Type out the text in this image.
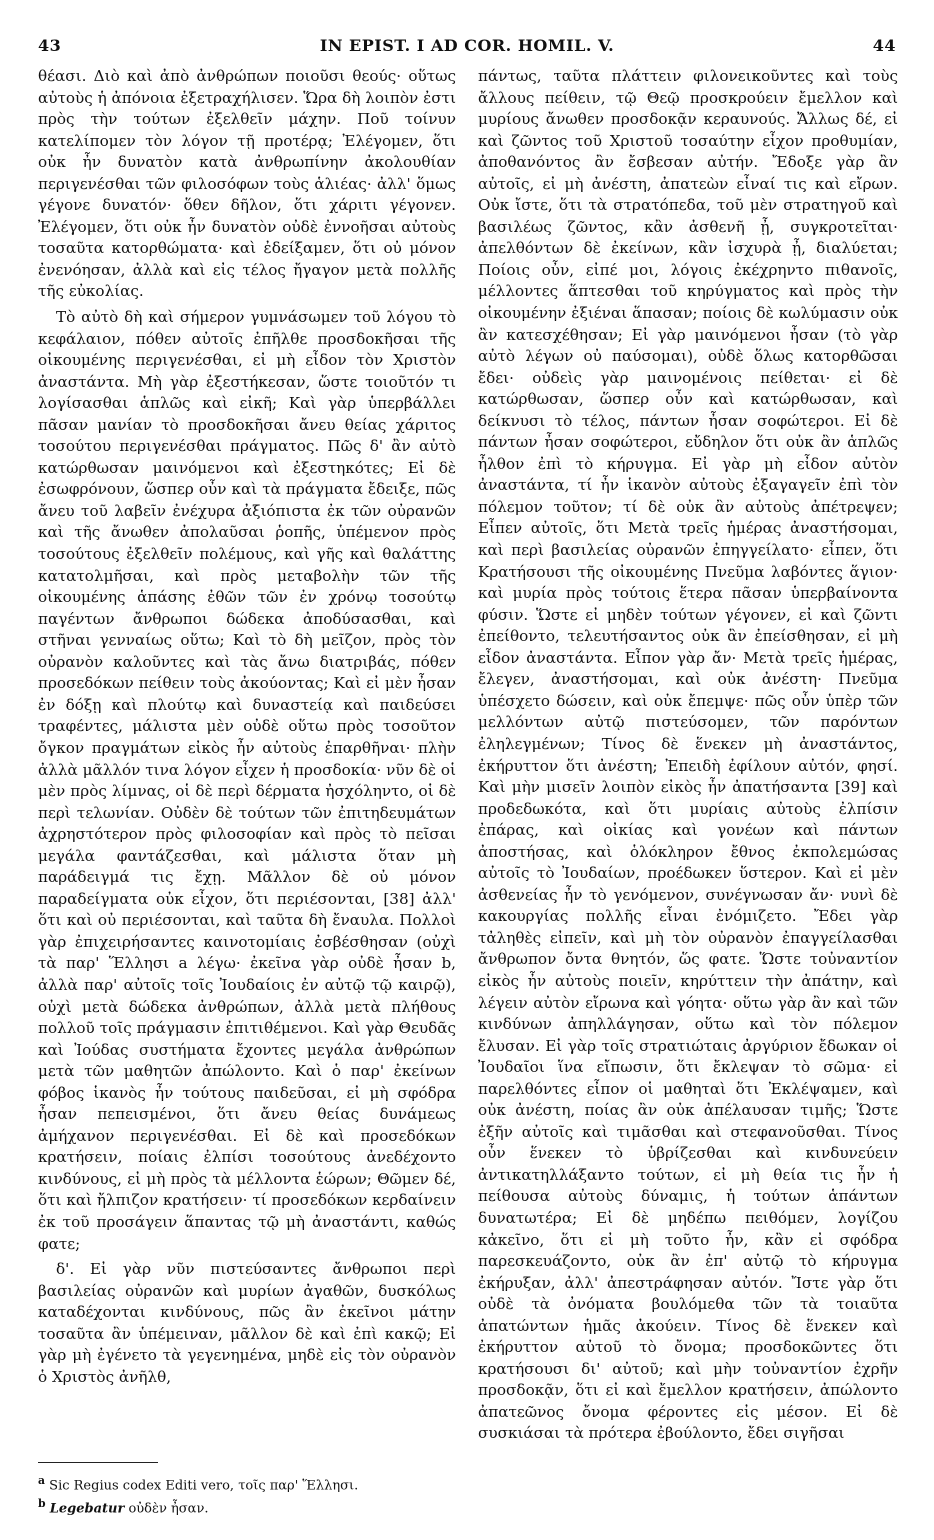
43	IN EPIST. I AD COR. HOMIL. V.	44

θέασι. Διὸ καὶ ἀπὸ ἀνθρώπων ποιοῦσι θεούς· οὕτως αὐτοὺς ἡ ἀπόνοια ἐξετραχήλισεν. Ὥρα δὴ λοιπὸν ἐστι πρὸς τὴν τούτων ἐξελθεῖν μάχην. Ποῦ τοίνυν κατελίπομεν τὸν λόγον τῇ προτέρᾳ; Ἐλέγομεν, ὅτι οὐκ ἦν δυνατὸν κατὰ ἀνθρωπίνην ἀκολουθίαν περιγενέσθαι τῶν φιλοσόφων τοὺς ἁλιέας· ἀλλ' ὅμως γέγονε δυνατόν· ὅθεν δῆλον, ὅτι χάριτι γέγονεν. Ἐλέγομεν, ὅτι οὐκ ἦν δυνατὸν οὐδὲ ἐννοῆσαι αὐτοὺς τοσαῦτα κατορθώματα· καὶ ἐδείξαμεν, ὅτι οὐ μόνον ἐνενόησαν, ἀλλὰ καὶ εἰς τέλος ἤγαγον μετὰ πολλῆς τῆς εὐκολίας.

Τὸ αὐτὸ δὴ καὶ σήμερον γυμνάσωμεν τοῦ λόγου τὸ κεφάλαιον, πόθεν αὐτοῖς ἐπῆλθε προσδοκῆσαι τῆς οἰκουμένης περιγενέσθαι, εἰ μὴ εἶδον τὸν Χριστὸν ἀναστάντα. Μὴ γὰρ ἐξεστήκεσαν, ὥστε τοιοῦτόν τι λογίσασθαι ἁπλῶς καὶ εἰκῆ; Καὶ γὰρ ὑπερβάλλει πᾶσαν μανίαν τὸ προσδοκῆσαι ἄνευ θείας χάριτος τοσούτου περιγενέσθαι πράγματος. Πῶς δ' ἂν αὐτὸ κατώρθωσαν μαινόμενοι καὶ ἐξεστηκότες; Εἰ δὲ ἐσωφρόνουν, ὥσπερ οὖν καὶ τὰ πράγματα ἔδειξε, πῶς ἄνευ τοῦ λαβεῖν ἐνέχυρα ἀξιόπιστα ἐκ τῶν οὐρανῶν καὶ τῆς ἄνωθεν ἀπολαῦσαι ῥοπῆς, ὑπέμενον πρὸς τοσούτους ἐξελθεῖν πολέμους, καὶ γῆς καὶ θαλάττης κατατολμῆσαι, καὶ πρὸς μεταβολὴν τῶν τῆς οἰκουμένης ἁπάσης ἐθῶν τῶν ἐν χρόνῳ τοσούτῳ παγέντων ἄνθρωποι δώδεκα ἀποδύσασθαι, καὶ στῆναι γενναίως οὕτω; Καὶ τὸ δὴ μεῖζον, πρὸς τὸν οὐρανὸν καλοῦντες καὶ τὰς ἄνω διατριβάς, πόθεν προσεδόκων πείθειν τοὺς ἀκούοντας; Καὶ εἰ μὲν ἦσαν ἐν δόξῃ καὶ πλούτῳ καὶ δυναστείᾳ καὶ παιδεύσει τραφέντες, μάλιστα μὲν οὐδὲ οὕτω πρὸς τοσοῦτον ὄγκον πραγμάτων εἰκὸς ἦν αὐτοὺς ἐπαρθῆναι· πλὴν ἀλλὰ μᾶλλόν τινα λόγον εἶχεν ἡ προσδοκία· νῦν δὲ οἱ μὲν πρὸς λίμνας, οἱ δὲ περὶ δέρματα ἠσχόληντο, οἱ δὲ περὶ τελωνίαν. Οὐδὲν δὲ τούτων τῶν ἐπιτηδευμάτων ἀχρηστότερον πρὸς φιλοσοφίαν καὶ πρὸς τὸ πεῖσαι μεγάλα φαντάζεσθαι, καὶ μάλιστα ὅταν μὴ παράδειγμά τις ἔχῃ. Μᾶλλον δὲ οὐ μόνον παραδείγματα οὐκ εἶχον, ὅτι περιέσονται, [38] ἀλλ' ὅτι καὶ οὐ περιέσονται, καὶ ταῦτα δὴ ἔναυλα. Πολλοὶ γὰρ ἐπιχειρήσαντες καινοτομίαις ἐσβέσθησαν (οὐχὶ τὰ παρ' Ἕλλησι a λέγω· ἐκεῖνα γὰρ οὐδὲ ἦσαν b, ἀλλὰ παρ' αὐτοῖς τοῖς Ἰουδαίοις ἐν αὐτῷ τῷ καιρῷ), οὐχὶ μετὰ δώδεκα ἀνθρώπων, ἀλλὰ μετὰ πλήθους πολλοῦ τοῖς πράγμασιν ἐπιτιθέμενοι. Καὶ γὰρ Θευδᾶς καὶ Ἰούδας συστήματα ἔχοντες μεγάλα ἀνθρώπων μετὰ τῶν μαθητῶν ἀπώλοντο. Καὶ ὁ παρ' ἐκείνων φόβος ἱκανὸς ἦν τούτους παιδεῦσαι, εἰ μὴ σφόδρα ἦσαν πεπεισμένοι, ὅτι ἄνευ θείας δυνάμεως ἀμήχανον περιγενέσθαι. Εἰ δὲ καὶ προσεδόκων κρατήσειν, ποίαις ἐλπίσι τοσούτους ἀνεδέχοντο κινδύνους, εἰ μὴ πρὸς τὰ μέλλοντα ἑώρων; Θῶμεν δέ, ὅτι καὶ ἤλπιζον κρατήσειν· τί προσεδόκων κερδαίνειν ἐκ τοῦ προσάγειν ἅπαντας τῷ μὴ ἀναστάντι, καθώς φατε;

δ'. Εἰ γὰρ νῦν πιστεύσαντες ἄνθρωποι περὶ βασιλείας οὐρανῶν καὶ μυρίων ἀγαθῶν, δυσκόλως καταδέχονται κινδύνους, πῶς ἂν ἐκεῖνοι μάτην τοσαῦτα ἂν ὑπέμειναν, μᾶλλον δὲ καὶ ἐπὶ κακῷ; Εἰ γὰρ μὴ ἐγένετο τὰ γεγενημένα, μηδὲ εἰς τὸν οὐρανὸν ὁ Χριστὸς ἀνῆλθ,

πάντως, ταῦτα πλάττειν φιλονεικοῦντες καὶ τοὺς ἄλλους πείθειν, τῷ Θεῷ προσκρούειν ἔμελλον καὶ μυρίους ἄνωθεν προσδοκᾷν κεραυνούς. Ἄλλως δέ, εἰ καὶ ζῶντος τοῦ Χριστοῦ τοσαύτην εἶχον προθυμίαν, ἀποθανόντος ἂν ἔσβεσαν αὐτήν. Ἔδοξε γὰρ ἂν αὐτοῖς, εἰ μὴ ἀνέστη, ἀπατεὼν εἶναί τις καὶ εἴρων. Οὐκ ἴστε, ὅτι τὰ στρατόπεδα, τοῦ μὲν στρατηγοῦ καὶ βασιλέως ζῶντος, κἂν ἀσθενῆ ᾖ, συγκροτεῖται· ἀπελθόντων δὲ ἐκείνων, κἂν ἰσχυρὰ ᾖ, διαλύεται; Ποίοις οὖν, εἰπέ μοι, λόγοις ἐκέχρηντο πιθανοῖς, μέλλοντες ἅπτεσθαι τοῦ κηρύγματος καὶ πρὸς τὴν οἰκουμένην ἐξιέναι ἅπασαν; ποίοις δὲ κωλύμασιν οὐκ ἂν κατεσχέθησαν; Εἰ γὰρ μαινόμενοι ἦσαν (τὸ γὰρ αὐτὸ λέγων οὐ παύσομαι), οὐδὲ ὅλως κατορθῶσαι ἔδει· οὐδεὶς γὰρ μαινομένοις πείθεται· εἰ δὲ κατώρθωσαν, ὥσπερ οὖν καὶ κατώρθωσαν, καὶ δείκνυσι τὸ τέλος, πάντων ἦσαν σοφώτεροι. Εἰ δὲ πάντων ἦσαν σοφώτεροι, εὔδηλον ὅτι οὐκ ἂν ἁπλῶς ἦλθον ἐπὶ τὸ κήρυγμα. Εἰ γὰρ μὴ εἶδον αὐτὸν ἀναστάντα, τί ἦν ἱκανὸν αὐτοὺς ἐξαγαγεῖν ἐπὶ τὸν πόλεμον τοῦτον; τί δὲ οὐκ ἂν αὐτοὺς ἀπέτρεψεν; Εἶπεν αὐτοῖς, ὅτι Μετὰ τρεῖς ἡμέρας ἀναστήσομαι, καὶ περὶ βασιλείας οὐρανῶν ἐπηγγείλατο· εἶπεν, ὅτι Κρατήσουσι τῆς οἰκουμένης Πνεῦμα λαβόντες ἅγιον· καὶ μυρία πρὸς τούτοις ἕτερα πᾶσαν ὑπερβαίνοντα φύσιν. Ὥστε εἰ μηδὲν τούτων γέγονεν, εἰ καὶ ζῶντι ἐπείθοντο, τελευτήσαντος οὐκ ἂν ἐπείσθησαν, εἰ μὴ εἶδον ἀναστάντα. Εἶπον γὰρ ἄν· Μετὰ τρεῖς ἡμέρας, ἔλεγεν, ἀναστήσομαι, καὶ οὐκ ἀνέστη· Πνεῦμα ὑπέσχετο δώσειν, καὶ οὐκ ἔπεμψε· πῶς οὖν ὑπὲρ τῶν μελλόντων αὐτῷ πιστεύσομεν, τῶν παρόντων ἐληλεγμένων; Τίνος δὲ ἕνεκεν μὴ ἀναστάντος, ἐκήρυττον ὅτι ἀνέστη; Ἐπειδὴ ἐφίλουν αὐτόν, φησί. Καὶ μὴν μισεῖν λοιπὸν εἰκὸς ἦν ἀπατήσαντα [39] καὶ προδεδωκότα, καὶ ὅτι μυρίαις αὐτοὺς ἐλπίσιν ἐπάρας, καὶ οἰκίας καὶ γονέων καὶ πάντων ἀποστήσας, καὶ ὁλόκληρον ἔθνος ἐκπολεμώσας αὐτοῖς τὸ Ἰουδαίων, προέδωκεν ὕστερον. Καὶ εἰ μὲν ἀσθενείας ἦν τὸ γενόμενον, συνέγνωσαν ἄν· νυνὶ δὲ κακουργίας πολλῆς εἶναι ἐνόμιζετο. Ἔδει γὰρ τἀληθὲς εἰπεῖν, καὶ μὴ τὸν οὐρανὸν ἐπαγγείλασθαι ἄνθρωπον ὄντα θνητόν, ὥς φατε. Ὥστε τοὐναντίον εἰκὸς ἦν αὐτοὺς ποιεῖν, κηρύττειν τὴν ἀπάτην, καὶ λέγειν αὐτὸν εἴρωνα καὶ γόητα· οὕτω γὰρ ἂν καὶ τῶν κινδύνων ἀπηλλάγησαν, οὕτω καὶ τὸν πόλεμον ἔλυσαν. Εἰ γὰρ τοῖς στρατιώταις ἀργύριον ἔδωκαν οἱ Ἰουδαῖοι ἵνα εἴπωσιν, ὅτι ἔκλεψαν τὸ σῶμα· εἰ παρελθόντες εἶπον οἱ μαθηταὶ ὅτι Ἐκλέψαμεν, καὶ οὐκ ἀνέστη, ποίας ἂν οὐκ ἀπέλαυσαν τιμῆς; Ὥστε ἐξῆν αὐτοῖς καὶ τιμᾶσθαι καὶ στεφανοῦσθαι. Τίνος οὖν ἕνεκεν τὸ ὑβρίζεσθαι καὶ κινδυνεύειν ἀντικατηλλάξαντο τούτων, εἰ μὴ θεία τις ἦν ἡ πείθουσα αὐτοὺς δύναμις, ἡ τούτων ἁπάντων δυνατωτέρα; Εἰ δὲ μηδέπω πειθόμεν, λογίζου κἀκεῖνο, ὅτι εἰ μὴ τοῦτο ἦν, κἂν εἰ σφόδρα παρεσκευάζοντο, οὐκ ἂν ἐπ' αὐτῷ τὸ κήρυγμα ἐκήρυξαν, ἀλλ' ἀπεστράφησαν αὐτόν. Ἴστε γὰρ ὅτι οὐδὲ τὰ ὀνόματα βουλόμεθα τῶν τὰ τοιαῦτα ἀπατώντων ἡμᾶς ἀκούειν. Τίνος δὲ ἕνεκεν καὶ ἐκήρυττον αὐτοῦ τὸ ὄνομα; προσδοκῶντες ὅτι κρατήσουσι δι' αὐτοῦ; καὶ μὴν τοὐναντίον ἐχρῆν προσδοκᾷν, ὅτι εἰ καὶ ἔμελλον κρατήσειν, ἀπώλοντο ἀπατεῶνος ὄνομα φέροντες εἰς μέσον. Εἰ δὲ συσκιάσαι τὰ πρότερα ἐβούλοντο, ἔδει σιγῆσαι

$^a$ Sic Regius codex Editi vero, τοῖς παρ' Ἕλλησι.
$^b$ Legebatur οὐδὲν ἦσαν.
